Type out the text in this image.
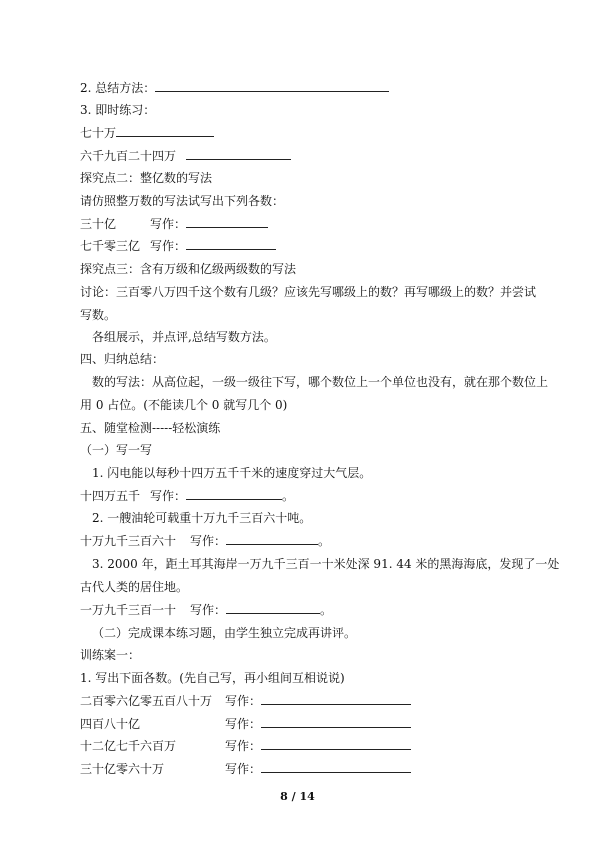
2. 总结方法：
3. 即时练习：
七十万
六千九百二十四万
探究点二：整亿数的写法
请仿照整万数的写法试写出下列各数：
三十亿	写作：
七千零三亿 写作：
探究点三：含有万级和亿级两级数的写法
讨论：三百零八万四千这个数有几级？应该先写哪级上的数？再写哪级上的数？并尝试
写数。
各组展示，并点评,总结写数方法。
四、归纳总结：
数的写法：从高位起，一级一级往下写，哪个数位上一个单位也没有，就在那个数位上
用 0 占位。(不能读几个 0 就写几个 0)
五、随堂检测-----轻松演练
（一）写一写
1. 闪电能以每秒十四万五千千米的速度穿过大气层。
十四万五千 写作：	。
2. 一艘油轮可载重十万九千三百六十吨。
十万九千三百六十 写作：	。
3. 2000 年，距土耳其海岸一万九千三百一十米处深 91. 44 米的黑海海底，发现了一处
古代人类的居住地。
一万九千三百一十 写作：	。
（二）完成课本练习题，由学生独立完成再讲评。
训练案一：
1. 写出下面各数。(先自己写，再小组间互相说说)
二百零六亿零五百八十万 写作：
四百八十亿	写作：
十二亿七千六百万	写作：
三十亿零六十万	写作：
8 / 14
